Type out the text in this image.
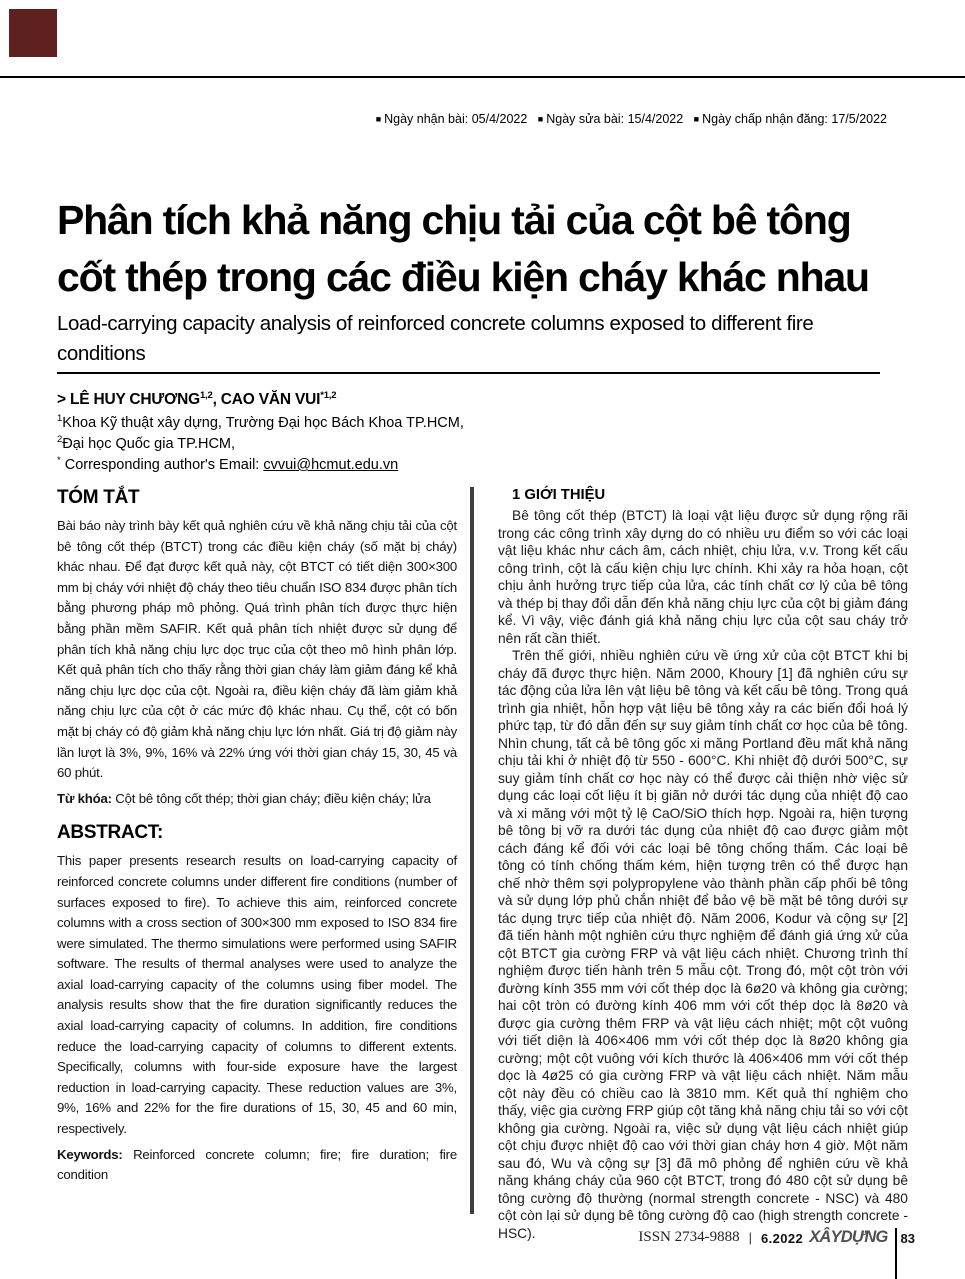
■ Ngày nhận bài: 05/4/2022 ■ Ngày sửa bài: 15/4/2022 ■ Ngày chấp nhận đăng: 17/5/2022
Phân tích khả năng chịu tải của cột bê tông
cốt thép trong các điều kiện cháy khác nhau
Load-carrying capacity analysis of reinforced concrete columns exposed to different fire conditions
> LÊ HUY CHƯƠNG$^{1,2}$, CAO VĂN VUI$^{*1,2}$
$^1$Khoa Kỹ thuật xây dựng, Trường Đại học Bách Khoa TP.HCM,
$^2$Đại học Quốc gia TP.HCM,
* Corresponding author's Email: cvvui@hcmut.edu.vn
TÓM TẮT

Bài báo này trình bày kết quả nghiên cứu về khả năng chịu tải của cột bê tông cốt thép (BTCT) trong các điều kiện cháy (số mặt bị cháy) khác nhau. Để đạt được kết quả này, cột BTCT có tiết diện 300×300 mm bị cháy với nhiệt độ cháy theo tiêu chuẩn ISO 834 được phân tích bằng phương pháp mô phỏng. Quá trình phân tích được thực hiện bằng phần mềm SAFIR. Kết quả phân tích nhiệt được sử dụng để phân tích khả năng chịu lực dọc trục của cột theo mô hình phân lớp. Kết quả phân tích cho thấy rằng thời gian cháy làm giảm đáng kể khả năng chịu lực dọc của cột. Ngoài ra, điều kiện cháy đã làm giảm khả năng chịu lực của cột ở các mức độ khác nhau. Cụ thể, cột có bốn mặt bị cháy có độ giảm khả năng chịu lực lớn nhất. Giá trị độ giảm này lần lượt là 3%, 9%, 16% và 22% ứng với thời gian cháy 15, 30, 45 và 60 phút.

Từ khóa: Cột bê tông cốt thép; thời gian cháy; điều kiện cháy; lửa

ABSTRACT:

This paper presents research results on load-carrying capacity of reinforced concrete columns under different fire conditions (number of surfaces exposed to fire). To achieve this aim, reinforced concrete columns with a cross section of 300×300 mm exposed to ISO 834 fire were simulated. The thermo simulations were performed using SAFIR software. The results of thermal analyses were used to analyze the axial load-carrying capacity of the columns using fiber model. The analysis results show that the fire duration significantly reduces the axial load-carrying capacity of columns. In addition, fire conditions reduce the load-carrying capacity of columns to different extents. Specifically, columns with four-side exposure have the largest reduction in load-carrying capacity. These reduction values are 3%, 9%, 16% and 22% for the fire durations of 15, 30, 45 and 60 min, respectively.

Keywords: Reinforced concrete column; fire; fire duration; fire condition

1 GIỚI THIỆU

Bê tông cốt thép (BTCT) là loại vật liệu được sử dụng rộng rãi trong các công trình xây dựng do có nhiều ưu điểm so với các loại vật liệu khác như cách âm, cách nhiệt, chịu lửa, v.v. Trong kết cấu công trình, cột là cấu kiện chịu lực chính. Khi xảy ra hỏa hoạn, cột chịu ảnh hưởng trực tiếp của lửa, các tính chất cơ lý của bê tông và thép bị thay đổi dẫn đến khả năng chịu lực của cột bị giảm đáng kể. Vì vậy, việc đánh giá khả năng chịu lực của cột sau cháy trở nên rất cần thiết.

Trên thế giới, nhiều nghiên cứu về ứng xử của cột BTCT khi bị cháy đã được thực hiện. Năm 2000, Khoury [1] đã nghiên cứu sự tác động của lửa lên vật liệu bê tông và kết cấu bê tông. Trong quá trình gia nhiệt, hỗn hợp vật liệu bê tông xảy ra các biến đổi hoá lý phức tạp, từ đó dẫn đến sự suy giảm tính chất cơ học của bê tông. Nhìn chung, tất cả bê tông gốc xi măng Portland đều mất khả năng chịu tải khi ở nhiệt độ từ 550 - 600°C. Khi nhiệt độ dưới 500°C, sự suy giảm tính chất cơ học này có thể được cải thiện nhờ việc sử dụng các loại cốt liệu ít bị giãn nở dưới tác dụng của nhiệt độ cao và xi măng với một tỷ lệ CaO/SiO thích hợp. Ngoài ra, hiện tượng bê tông bị vỡ ra dưới tác dụng của nhiệt độ cao được giảm một cách đáng kể đối với các loại bê tông chống thấm. Các loại bê tông có tính chống thấm kém, hiện tượng trên có thể được hạn chế nhờ thêm sợi polypropylene vào thành phần cấp phối bê tông và sử dụng lớp phủ chắn nhiệt để bảo vệ bề mặt bê tông dưới sự tác dụng trực tiếp của nhiệt độ. Năm 2006, Kodur và cộng sự [2] đã tiến hành một nghiên cứu thực nghiệm để đánh giá ứng xử của cột BTCT gia cường FRP và vật liệu cách nhiệt. Chương trình thí nghiệm được tiến hành trên 5 mẫu cột. Trong đó, một cột tròn với đường kính 355 mm với cốt thép dọc là 6ø20 và không gia cường; hai cột tròn có đường kính 406 mm với cốt thép dọc là 8ø20 và được gia cường thêm FRP và vật liệu cách nhiệt; một cột vuông với tiết diện là 406×406 mm với cốt thép dọc là 8ø20 không gia cường; một cột vuông với kích thước là 406×406 mm với cốt thép dọc là 4ø25 có gia cường FRP và vật liệu cách nhiệt. Năm mẫu cột này đều có chiều cao là 3810 mm. Kết quả thí nghiệm cho thấy, việc gia cường FRP giúp cột tăng khả năng chịu tải so với cột không gia cường. Ngoài ra, việc sử dụng vật liệu cách nhiệt giúp cột chịu được nhiệt độ cao với thời gian cháy hơn 4 giờ. Một năm sau đó, Wu và cộng sự [3] đã mô phỏng để nghiên cứu về khả năng kháng cháy của 960 cột BTCT, trong đó 480 cột sử dụng bê tông cường độ thường (normal strength concrete - NSC) và 480 cột còn lại sử dụng bê tông cường độ cao (high strength concrete - HSC).	ISSN 2734-9888 | 6.2022 XÂYDỰNG 83
